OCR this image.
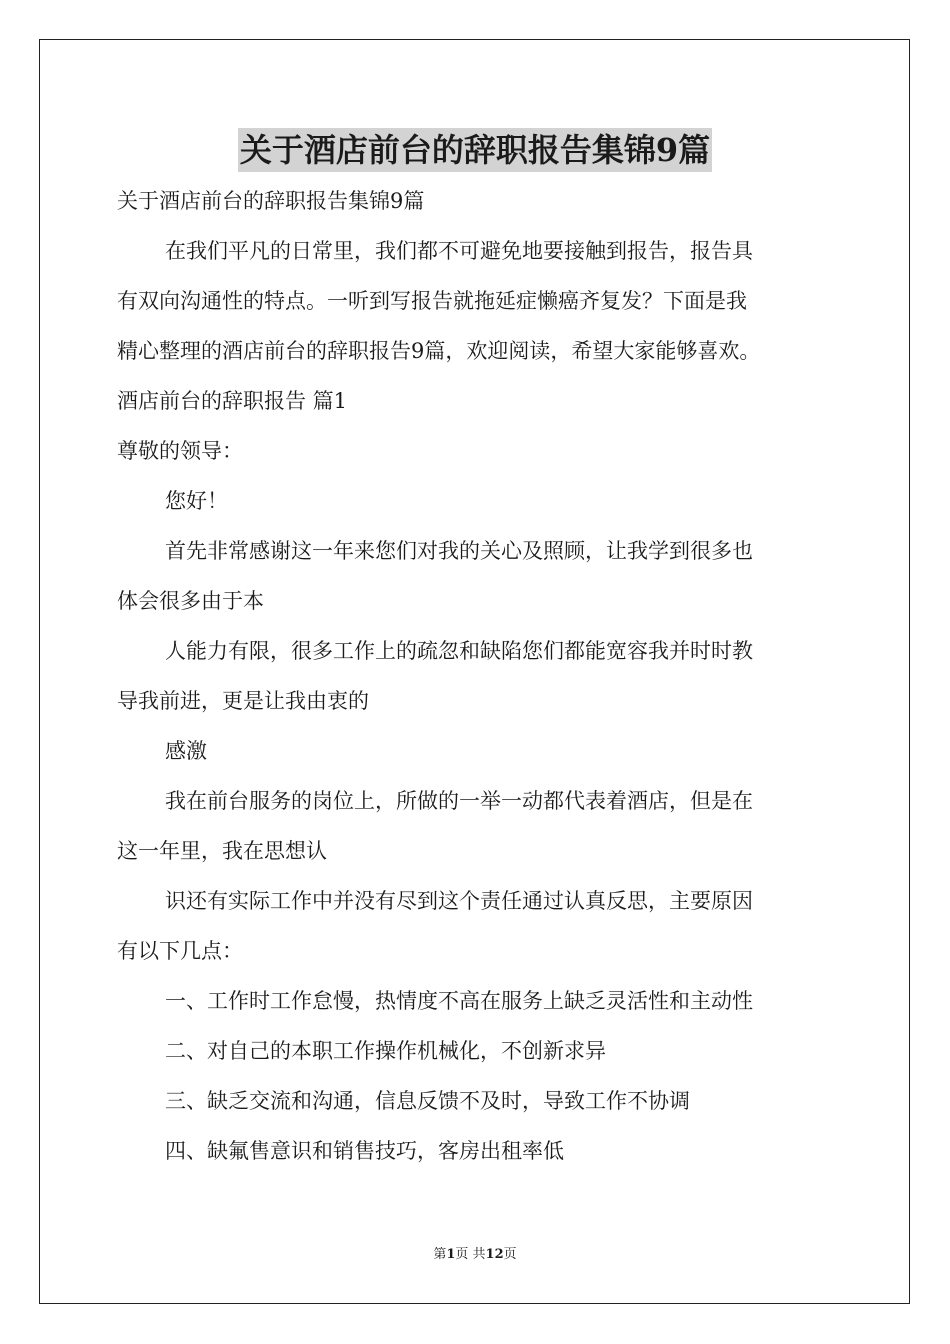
关于酒店前台的辞职报告集锦9篇

关于酒店前台的辞职报告集锦9篇

在我们平凡的日常里，我们都不可避免地要接触到报告，报告具

有双向沟通性的特点。一听到写报告就拖延症懒癌齐复发？下面是我

精心整理的酒店前台的辞职报告9篇，欢迎阅读，希望大家能够喜欢。

酒店前台的辞职报告 篇1

尊敬的领导：

您好！

首先非常感谢这一年来您们对我的关心及照顾，让我学到很多也

体会很多由于本

人能力有限，很多工作上的疏忽和缺陷您们都能宽容我并时时教

导我前进，更是让我由衷的

感激

我在前台服务的岗位上，所做的一举一动都代表着酒店，但是在

这一年里，我在思想认

识还有实际工作中并没有尽到这个责任通过认真反思，主要原因

有以下几点：

一、工作时工作怠慢，热情度不高在服务上缺乏灵活性和主动性

二、对自己的本职工作操作机械化，不创新求异

三、缺乏交流和沟通，信息反馈不及时，导致工作不协调

四、缺氟售意识和销售技巧，客房出租率低

第1页 共12页
